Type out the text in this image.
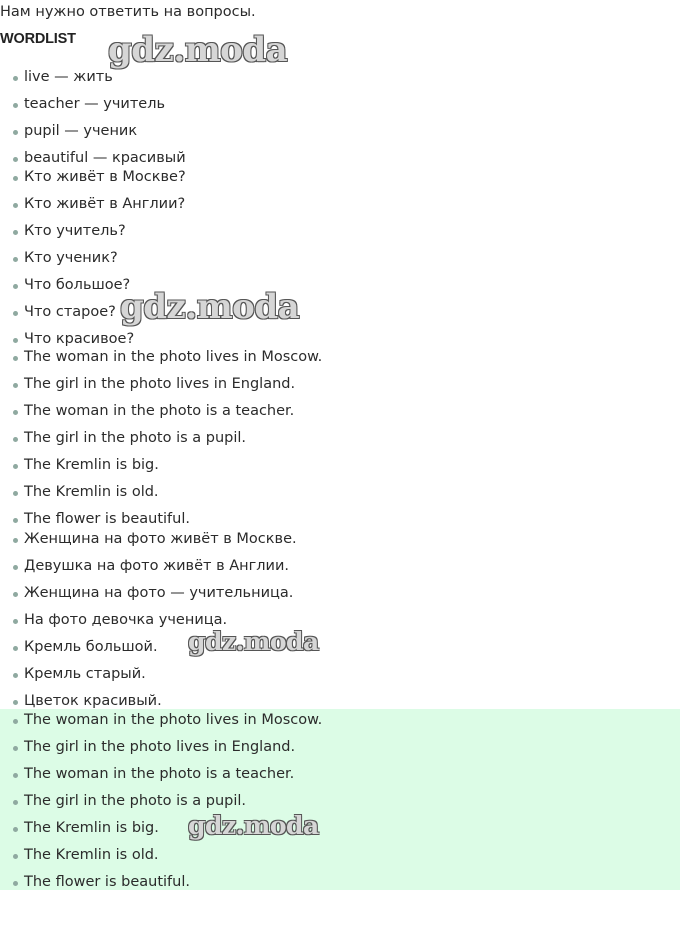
Нам нужно ответить на вопросы.
WORDLIST
live — жить
teacher — учитель
pupil — ученик
beautiful — красивый
Кто живёт в Москве?
Кто живёт в Англии?
Кто учитель?
Кто ученик?
Что большое?
Что старое?
Что красивое?
The woman in the photo lives in Moscow.
The girl in the photo lives in England.
The woman in the photo is a teacher.
The girl in the photo is a pupil.
The Kremlin is big.
The Kremlin is old.
The flower is beautiful.
Женщина на фото живёт в Москве.
Девушка на фото живёт в Англии.
Женщина на фото — учительница.
На фото девочка ученица.
Кремль большой.
Кремль старый.
Цветок красивый.
The woman in the photo lives in Moscow.
The girl in the photo lives in England.
The woman in the photo is a teacher.
The girl in the photo is a pupil.
The Kremlin is big.
The Kremlin is old.
The flower is beautiful.
gdz.moda
gdz.moda
gdz.moda
gdz.moda
